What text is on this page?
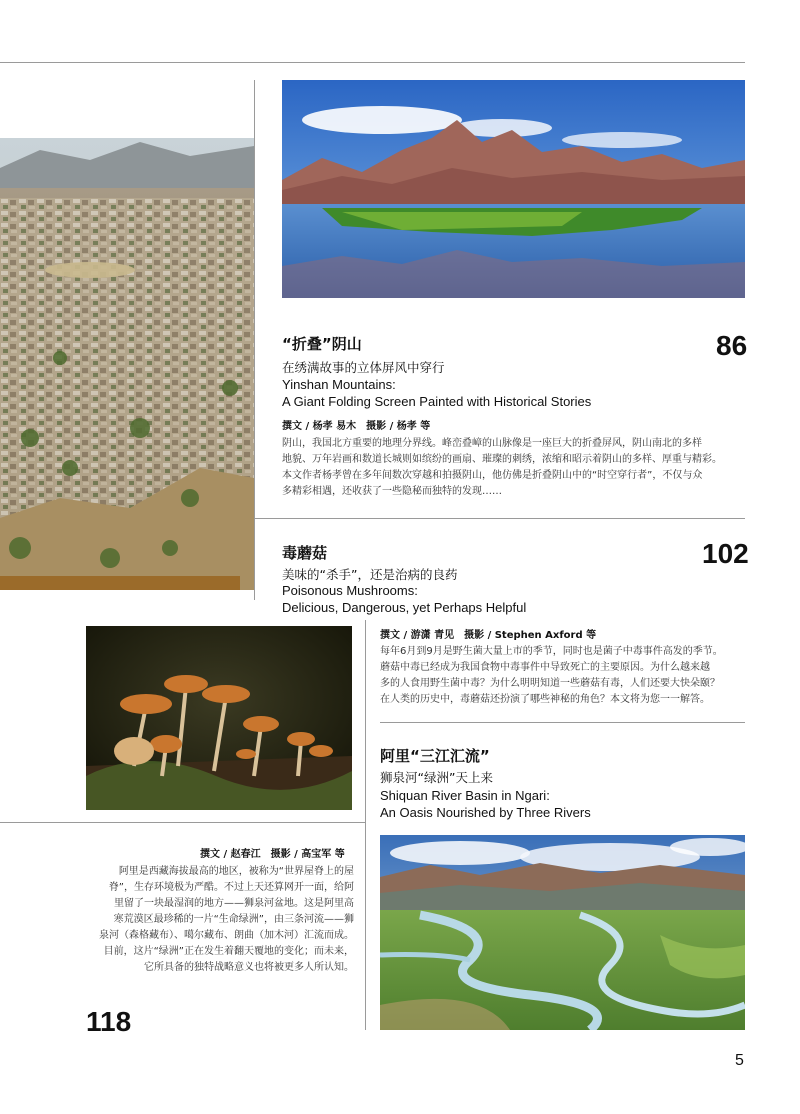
“折叠”阴山	86
在绣满故事的立体屏风中穿行
Yinshan Mountains:
A Giant Folding Screen Painted with Historical Stories
撰文 / 杨孝 易木　摄影 / 杨孝 等
阴山，我国北方重要的地理分界线。峰峦叠嶂的山脉像是一座巨大的折叠屏风，阴山南北的多样
地貌、万年岩画和数道长城则如缤纷的画扇、璀璨的刺绣，浓缩和昭示着阴山的多样、厚重与精彩。
本文作者杨孝曾在多年间数次穿越和拍摄阴山，他仿佛是折叠阴山中的“时空穿行者”，不仅与众
多精彩相遇，还收获了一些隐秘而独特的发现……
毒蘑菇	102
美味的“杀手”，还是治病的良药
Poisonous Mushrooms:
Delicious, Dangerous, yet Perhaps Helpful
撰文 / 游潇 青见　摄影 / Stephen Axford 等
每年6月到9月是野生菌大量上市的季节，同时也是菌子中毒事件高发的季节。
蘑菇中毒已经成为我国食物中毒事件中导致死亡的主要原因。为什么越来越
多的人食用野生菌中毒？为什么明明知道一些蘑菇有毒，人们还要大快朵颐？
在人类的历史中，毒蘑菇还扮演了哪些神秘的角色？本文将为您一一解答。
阿里“三江汇流”
狮泉河“绿洲”天上来
Shiquan River Basin in Ngari:
An Oasis Nourished by Three Rivers
撰文 / 赵春江　摄影 / 高宝军 等
阿里是西藏海拔最高的地区，被称为“世界屋脊上的屋
脊”，生存环境极为严酷。不过上天还算网开一面，给阿
里留了一块最湿润的地方——狮泉河盆地。这是阿里高
寒荒漠区最珍稀的一片“生命绿洲”，由三条河流——狮
泉河（森格藏布）、噶尔藏布、朗曲（加木河）汇流而成。
目前，这片“绿洲”正在发生着翻天覆地的变化；而未来，
它所具备的独特战略意义也将被更多人所认知。
118
5
